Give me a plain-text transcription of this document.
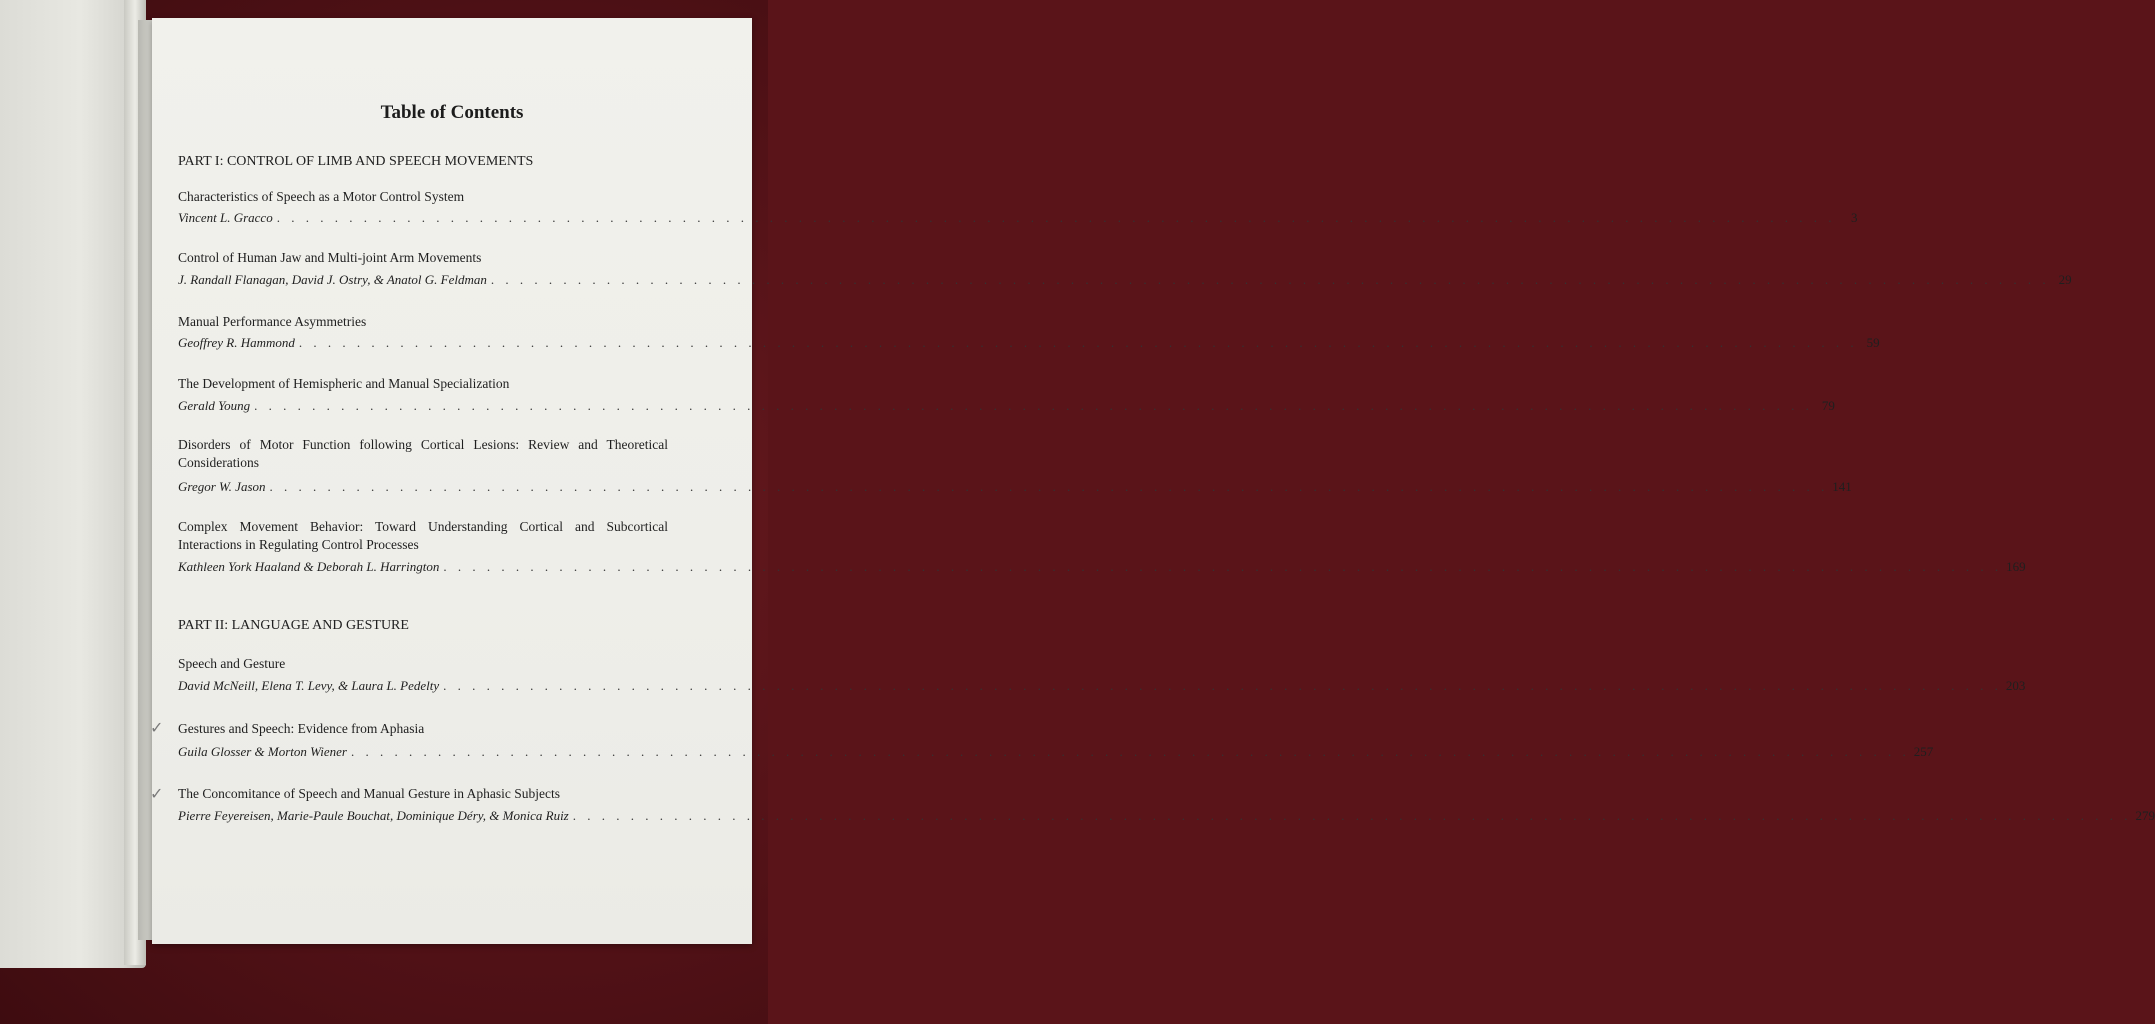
Table of Contents
PART I: CONTROL OF LIMB AND SPEECH MOVEMENTS
Characteristics of Speech as a Motor Control System
Vincent L. Gracco . . . . . . . . . . . . . . . . . . . . . . . . . . . . . . . . . . . . . . . . . . . . . . . . . . . . . . . . . . . . . . . . . . . . . . . . . . . . . . . . . . . . . . . . . . . . . . . . . . . . . . . . . . . .	3
Control of Human Jaw and Multi-joint Arm Movements
J. Randall Flanagan, David J. Ostry, & Anatol G. Feldman . . . . . . . . . . . . . . . . . . . . . . . . . . . . . . . . . . . . . . . . . . . . . . . . . . . . . . . . . . . . . . . . . . . . . . . . . . . . . . . . . . . . . . . . . . . . . . . . . . . . . . . . . . . . 29
Manual Performance Asymmetries
Geoffrey R. Hammond . . . . . . . . . . . . . . . . . . . . . . . . . . . . . . . . . . . . . . . . . . . . . . . . . . . . . . . . . . . . . . . . . . . . . . . . . . . . . . . . . . . . . . . . . . . . . . . . . . . . . . . . . . . . 59
The Development of Hemispheric and Manual Specialization
Gerald Young . . . . . . . . . . . . . . . . . . . . . . . . . . . . . . . . . . . . . . . . . . . . . . . . . . . . . . . . . . . . . . . . . . . . . . . . . . . . . . . . . . . . . . . . . . . . . . . . . . . . . . . . . . . . 79
Disorders of Motor Function following Cortical Lesions: Review and Theoretical Considerations
Gregor W. Jason . . . . . . . . . . . . . . . . . . . . . . . . . . . . . . . . . . . . . . . . . . . . . . . . . . . . . . . . . . . . . . . . . . . . . . . . . . . . . . . . . . . . . . . . . . . . . . . . . . . . . . . . . . . . 141
Complex Movement Behavior: Toward Understanding Cortical and Subcortical Interactions in Regulating Control Processes
Kathleen York Haaland & Deborah L. Harrington . . . . . . . . . . . . . . . . . . . . . . . . . . . . . . . . . . . . . . . . . . . . . . . . . . . . . . . . . . . . . . . . . . . . . . . . . . . . . . . . . . . . . . . . . . . . . . . . . . . . . . . . . . . . 169
PART II: LANGUAGE AND GESTURE
Speech and Gesture
David McNeill, Elena T. Levy, & Laura L. Pedelty . . . . . . . . . . . . . . . . . . . . . . . . . . . . . . . . . . . . . . . . . . . . . . . . . . . . . . . . . . . . . . . . . . . . . . . . . . . . . . . . . . . . . . . . . . . . . . . . . . . . . . . . . . . . 203
✓ Gestures and Speech: Evidence from Aphasia
Guila Glosser & Morton Wiener . . . . . . . . . . . . . . . . . . . . . . . . . . . . . . . . . . . . . . . . . . . . . . . . . . . . . . . . . . . . . . . . . . . . . . . . . . . . . . . . . . . . . . . . . . . . . . . . . . . . . . . . . . . . 257
✓ The Concomitance of Speech and Manual Gesture in Aphasic Subjects
Pierre Feyereisen, Marie-Paule Bouchat, Dominique Déry, & Monica Ruiz . . . . . . . . . . . . . . . . . . . . . . . . . . . . . . . . . . . . . . . . . . . . . . . . . . . . . . . . . . . . . . . . . . . . . . . . . . . . . . . . . . . . . . . . . . . . . . . . . . . . . . . . . . . . 279
